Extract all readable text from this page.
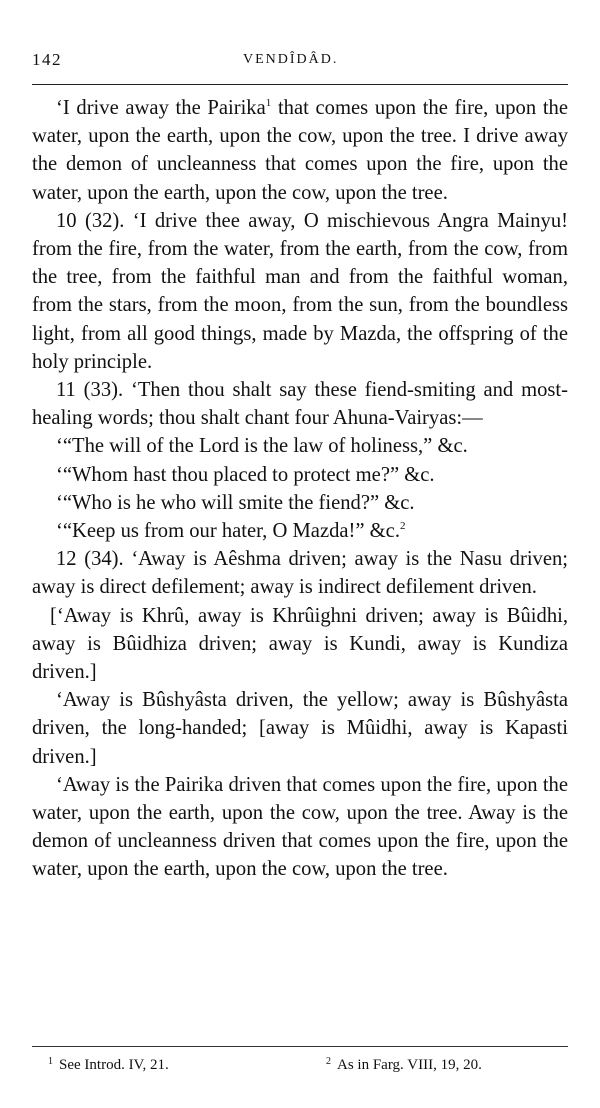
142	VENDÎDÂD.

‘I drive away the Pairika$^1$ that comes upon the fire, upon the water, upon the earth, upon the cow, upon the tree. I drive away the demon of uncleanness that comes upon the fire, upon the water, upon the earth, upon the cow, upon the tree.

10 (32). ‘I drive thee away, O mischievous Angra Mainyu! from the fire, from the water, from the earth, from the cow, from the tree, from the faithful man and from the faithful woman, from the stars, from the moon, from the sun, from the boundless light, from all good things, made by Mazda, the offspring of the holy principle.

11 (33). ‘Then thou shalt say these fiend-smiting and most-healing words; thou shalt chant four Ahuna-Vairyas:—

‘“The will of the Lord is the law of holiness,” &c.

‘“Whom hast thou placed to protect me?” &c.

‘“Who is he who will smite the fiend?” &c.

‘“Keep us from our hater, O Mazda!” &c.$^2$

12 (34). ‘Away is Aêshma driven; away is the Nasu driven; away is direct defilement; away is indirect defilement driven.

[‘Away is Khrû, away is Khrûighni driven; away is Bûidhi, away is Bûidhiza driven; away is Kundi, away is Kundiza driven.]

‘Away is Bûshyâsta driven, the yellow; away is Bûshyâsta driven, the long-handed; [away is Mûidhi, away is Kapasti driven.]

‘Away is the Pairika driven that comes upon the fire, upon the water, upon the earth, upon the cow, upon the tree. Away is the demon of uncleanness driven that comes upon the fire, upon the water, upon the earth, upon the cow, upon the tree.

$^1$ See Introd. IV, 21.	$^2$ As in Farg. VIII, 19, 20.
